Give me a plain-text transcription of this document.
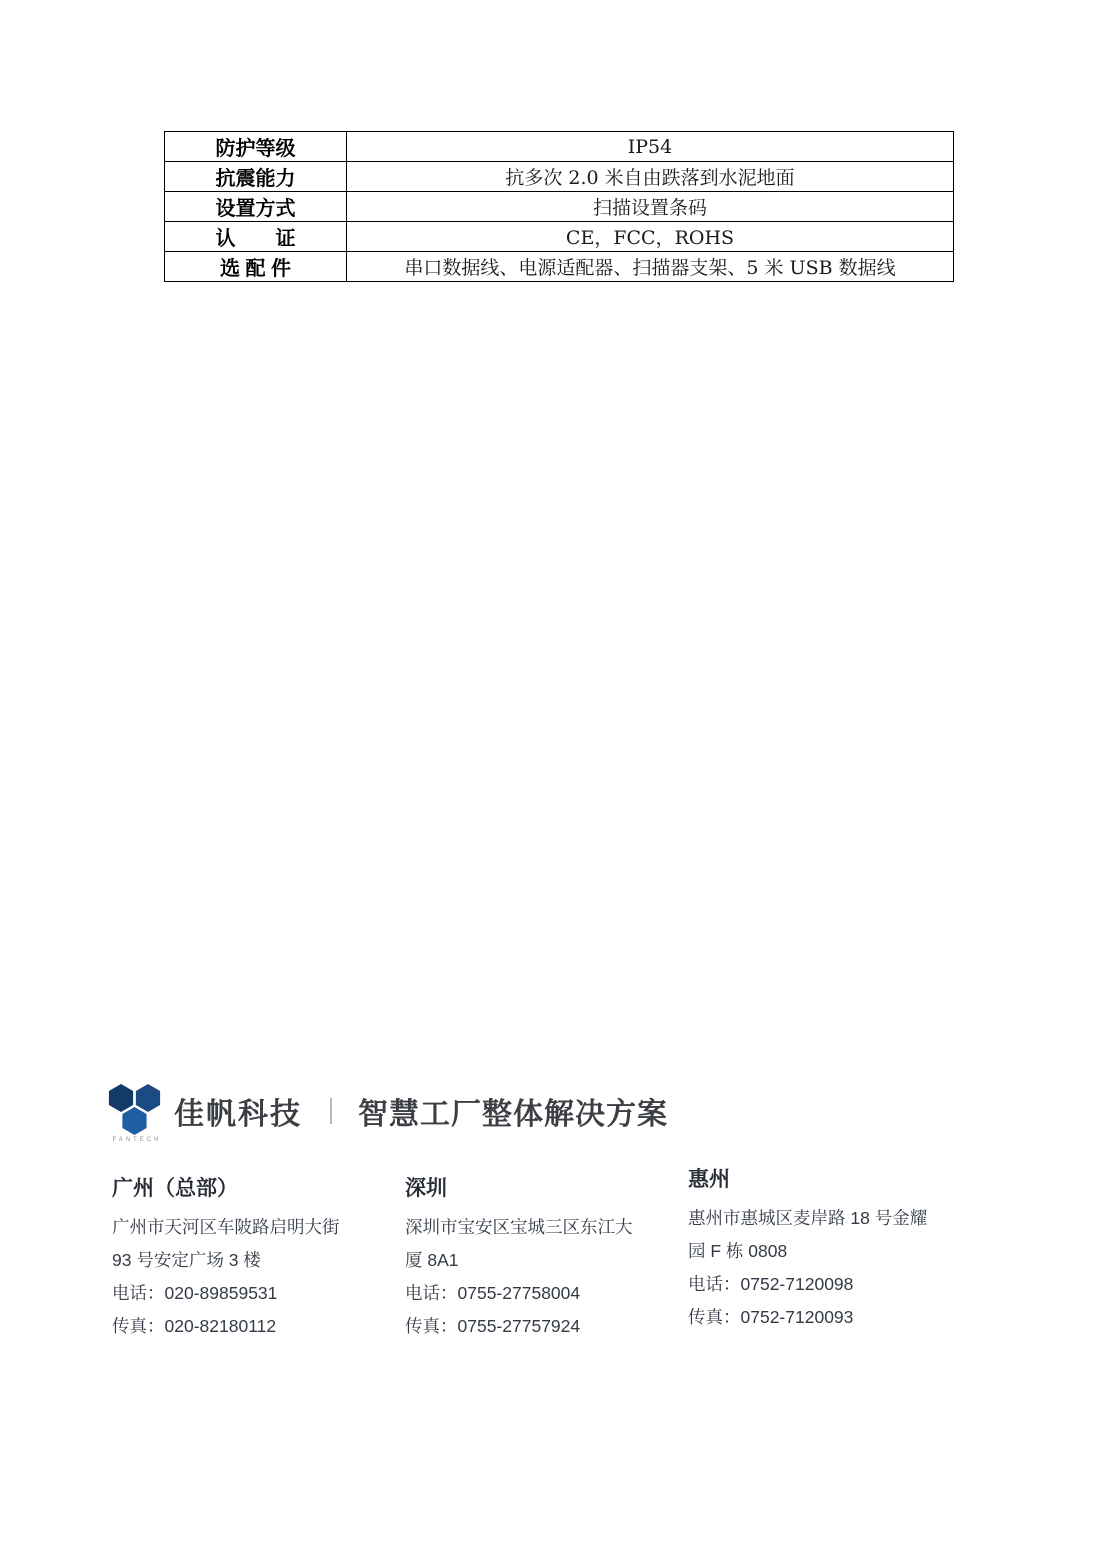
防护等级	IP54
抗震能力	抗多次 2.0 米自由跌落到水泥地面
设置方式	扫描设置条码
认　　证	CE，FCC，ROHS
选 配 件	串口数据线、电源适配器、扫描器支架、5 米 USB 数据线
FANTECH
佳帆科技 ｜ 智慧工厂整体解决方案
广州（总部）
广州市天河区车陂路启明大街
93 号安定广场 3 楼
电话：020-89859531
传真：020-82180112
深圳
深圳市宝安区宝城三区东江大
厦 8A1
电话：0755-27758004
传真：0755-27757924
惠州
惠州市惠城区麦岸路 18 号金耀
园 F 栋 0808
电话：0752-7120098
传真：0752-7120093
